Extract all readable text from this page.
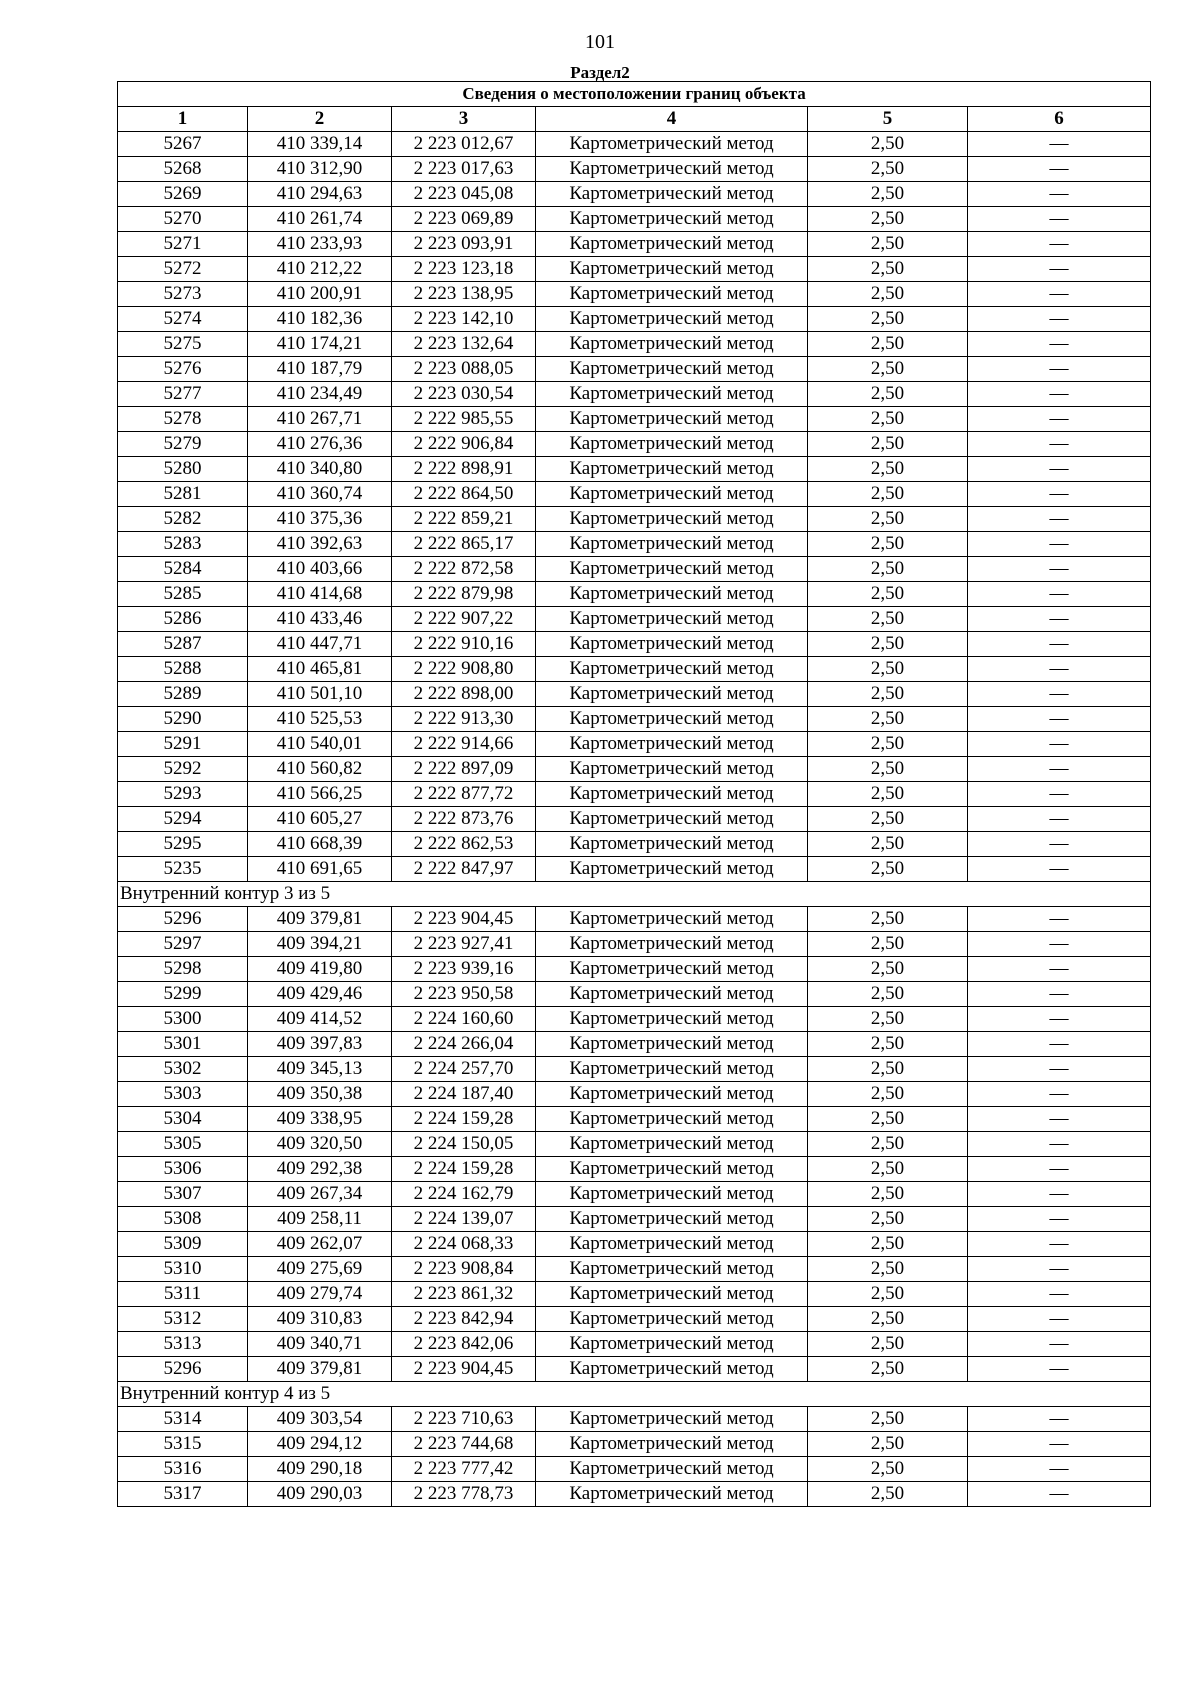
101
Раздел2
Сведения о местоположении границ объекта					
1	2	3	4	5	6
5267	410 339,14	2 223 012,67	Картометрический метод	2,50	—
5268	410 312,90	2 223 017,63	Картометрический метод	2,50	—
5269	410 294,63	2 223 045,08	Картометрический метод	2,50	—
5270	410 261,74	2 223 069,89	Картометрический метод	2,50	—
5271	410 233,93	2 223 093,91	Картометрический метод	2,50	—
5272	410 212,22	2 223 123,18	Картометрический метод	2,50	—
5273	410 200,91	2 223 138,95	Картометрический метод	2,50	—
5274	410 182,36	2 223 142,10	Картометрический метод	2,50	—
5275	410 174,21	2 223 132,64	Картометрический метод	2,50	—
5276	410 187,79	2 223 088,05	Картометрический метод	2,50	—
5277	410 234,49	2 223 030,54	Картометрический метод	2,50	—
5278	410 267,71	2 222 985,55	Картометрический метод	2,50	—
5279	410 276,36	2 222 906,84	Картометрический метод	2,50	—
5280	410 340,80	2 222 898,91	Картометрический метод	2,50	—
5281	410 360,74	2 222 864,50	Картометрический метод	2,50	—
5282	410 375,36	2 222 859,21	Картометрический метод	2,50	—
5283	410 392,63	2 222 865,17	Картометрический метод	2,50	—
5284	410 403,66	2 222 872,58	Картометрический метод	2,50	—
5285	410 414,68	2 222 879,98	Картометрический метод	2,50	—
5286	410 433,46	2 222 907,22	Картометрический метод	2,50	—
5287	410 447,71	2 222 910,16	Картометрический метод	2,50	—
5288	410 465,81	2 222 908,80	Картометрический метод	2,50	—
5289	410 501,10	2 222 898,00	Картометрический метод	2,50	—
5290	410 525,53	2 222 913,30	Картометрический метод	2,50	—
5291	410 540,01	2 222 914,66	Картометрический метод	2,50	—
5292	410 560,82	2 222 897,09	Картометрический метод	2,50	—
5293	410 566,25	2 222 877,72	Картометрический метод	2,50	—
5294	410 605,27	2 222 873,76	Картометрический метод	2,50	—
5295	410 668,39	2 222 862,53	Картометрический метод	2,50	—
5235	410 691,65	2 222 847,97	Картометрический метод	2,50	—
Внутренний контур 3 из 5					
5296	409 379,81	2 223 904,45	Картометрический метод	2,50	—
5297	409 394,21	2 223 927,41	Картометрический метод	2,50	—
5298	409 419,80	2 223 939,16	Картометрический метод	2,50	—
5299	409 429,46	2 223 950,58	Картометрический метод	2,50	—
5300	409 414,52	2 224 160,60	Картометрический метод	2,50	—
5301	409 397,83	2 224 266,04	Картометрический метод	2,50	—
5302	409 345,13	2 224 257,70	Картометрический метод	2,50	—
5303	409 350,38	2 224 187,40	Картометрический метод	2,50	—
5304	409 338,95	2 224 159,28	Картометрический метод	2,50	—
5305	409 320,50	2 224 150,05	Картометрический метод	2,50	—
5306	409 292,38	2 224 159,28	Картометрический метод	2,50	—
5307	409 267,34	2 224 162,79	Картометрический метод	2,50	—
5308	409 258,11	2 224 139,07	Картометрический метод	2,50	—
5309	409 262,07	2 224 068,33	Картометрический метод	2,50	—
5310	409 275,69	2 223 908,84	Картометрический метод	2,50	—
5311	409 279,74	2 223 861,32	Картометрический метод	2,50	—
5312	409 310,83	2 223 842,94	Картометрический метод	2,50	—
5313	409 340,71	2 223 842,06	Картометрический метод	2,50	—
5296	409 379,81	2 223 904,45	Картометрический метод	2,50	—
Внутренний контур 4 из 5					
5314	409 303,54	2 223 710,63	Картометрический метод	2,50	—
5315	409 294,12	2 223 744,68	Картометрический метод	2,50	—
5316	409 290,18	2 223 777,42	Картометрический метод	2,50	—
5317	409 290,03	2 223 778,73	Картометрический метод	2,50	—
